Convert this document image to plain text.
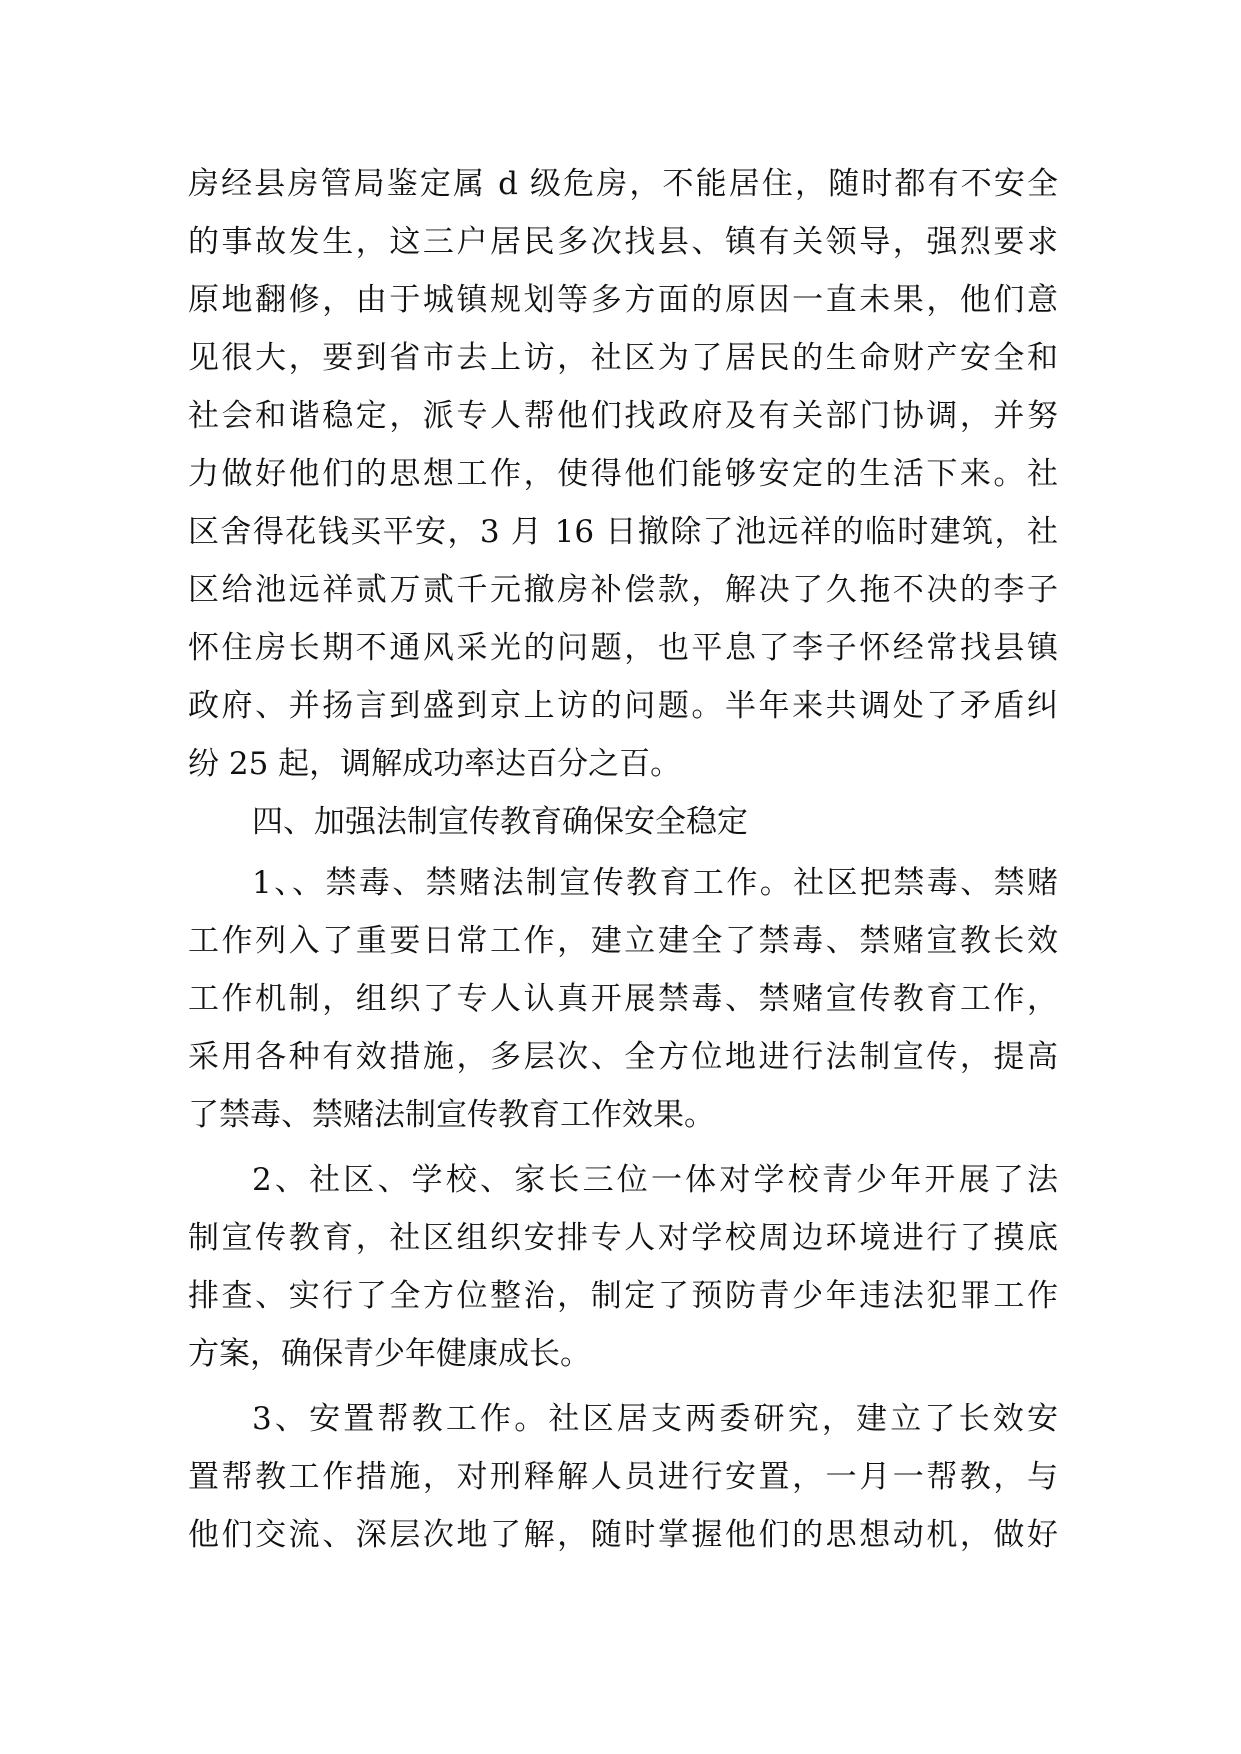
房经县房管局鉴定属 d 级危房，不能居住，随时都有不安全
的事故发生，这三户居民多次找县、镇有关领导，强烈要求
原地翻修，由于城镇规划等多方面的原因一直未果，他们意
见很大，要到省市去上访，社区为了居民的生命财产安全和
社会和谐稳定，派专人帮他们找政府及有关部门协调，并努
力做好他们的思想工作，使得他们能够安定的生活下来。社
区舍得花钱买平安，3 月 16 日撤除了池远祥的临时建筑，社
区给池远祥贰万贰千元撤房补偿款，解决了久拖不决的李子
怀住房长期不通风采光的问题，也平息了李子怀经常找县镇
政府、并扬言到盛到京上访的问题。半年来共调处了矛盾纠
纷 25 起，调解成功率达百分之百。
四、加强法制宣传教育确保安全稳定
1、、禁毒、禁赌法制宣传教育工作。社区把禁毒、禁赌
工作列入了重要日常工作，建立建全了禁毒、禁赌宣教长效
工作机制，组织了专人认真开展禁毒、禁赌宣传教育工作，
采用各种有效措施，多层次、全方位地进行法制宣传，提高
了禁毒、禁赌法制宣传教育工作效果。
2、社区、学校、家长三位一体对学校青少年开展了法
制宣传教育，社区组织安排专人对学校周边环境进行了摸底
排查、实行了全方位整治，制定了预防青少年违法犯罪工作
方案，确保青少年健康成长。
3、安置帮教工作。社区居支两委研究，建立了长效安
置帮教工作措施，对刑释解人员进行安置，一月一帮教，与
他们交流、深层次地了解，随时掌握他们的思想动机，做好
